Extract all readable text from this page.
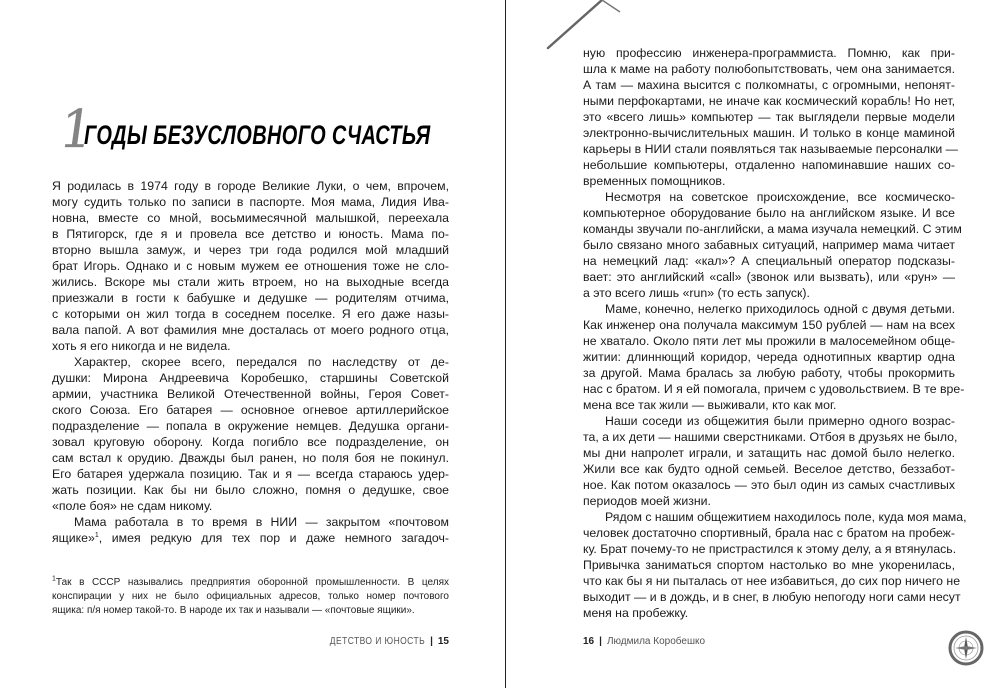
1
ГОДЫ БЕЗУСЛОВНОГО СЧАСТЬЯ
Я родилась в 1974 году в городе Великие Луки, о чем, впрочем,
могу судить только по записи в паспорте. Моя мама, Лидия Ива-
новна, вместе со мной, восьмимесячной малышкой, переехала
в Пятигорск, где я и провела все детство и юность. Мама по-
вторно вышла замуж, и через три года родился мой младший
брат Игорь. Однако и с новым мужем ее отношения тоже не сло-
жились. Вскоре мы стали жить втроем, но на выходные всегда
приезжали в гости к бабушке и дедушке — родителям отчима,
с которыми он жил тогда в соседнем поселке. Я его даже назы-
вала папой. А вот фамилия мне досталась от моего родного отца,
хоть я его никогда и не видела.
Характер, скорее всего, передался по наследству от де-
душки: Мирона Андреевича Коробешко, старшины Советской
армии, участника Великой Отечественной войны, Героя Совет-
ского Союза. Его батарея — основное огневое артиллерийское
подразделение — попала в окружение немцев. Дедушка органи-
зовал круговую оборону. Когда погибло все подразделение, он
сам встал к орудию. Дважды был ранен, но поля боя не покинул.
Его батарея удержала позицию. Так и я — всегда стараюсь удер-
жать позиции. Как бы ни было сложно, помня о дедушке, свое
«поле боя» не сдам никому.
Мама работала в то время в НИИ — закрытом «почтовом
ящике»$^1$, имея редкую для тех пор и даже немного загадоч-
ную профессию инженера-программиста. Помню, как при-
шла к маме на работу полюбопытствовать, чем она занимается.
А там — махина высится с полкомнаты, с огромными, непонят-
ными перфокартами, не иначе как космический корабль! Но нет,
это «всего лишь» компьютер — так выглядели первые модели
электронно-вычислительных машин. И только в конце маминой
карьеры в НИИ стали появляться так называемые персоналки —
небольшие компьютеры, отдаленно напоминавшие наших со-
временных помощников.
Несмотря на советское происхождение, все космическо-
компьютерное оборудование было на английском языке. И все
команды звучали по-английски, а мама изучала немецкий. С этим
было связано много забавных ситуаций, например мама читает
на немецкий лад: «кал»? А специальный оператор подсказы-
вает: это английский «call» (звонок или вызвать), или «рун» —
а это всего лишь «run» (то есть запуск).
Маме, конечно, нелегко приходилось одной с двумя детьми.
Как инженер она получала максимум 150 рублей — нам на всех
не хватало. Около пяти лет мы прожили в малосемейном обще-
житии: длиннющий коридор, череда однотипных квартир одна
за другой. Мама бралась за любую работу, чтобы прокормить
нас с братом. И я ей помогала, причем с удовольствием. В те вре-
мена все так жили — выживали, кто как мог.
Наши соседи из общежития были примерно одного возрас-
та, а их дети — нашими сверстниками. Отбоя в друзьях не было,
мы дни напролет играли, и затащить нас домой было нелегко.
Жили все как будто одной семьей. Веселое детство, беззабот-
ное. Как потом оказалось — это был один из самых счастливых
периодов моей жизни.
Рядом с нашим общежитием находилось поле, куда моя мама,
человек достаточно спортивный, брала нас с братом на пробеж-
ку. Брат почему-то не пристрастился к этому делу, а я втянулась.
Привычка заниматься спортом настолько во мне укоренилась,
что как бы я ни пыталась от нее избавиться, до сих пор ничего не
выходит — и в дождь, и в снег, в любую непогоду ноги сами несут
меня на пробежку.
$^1$Так в СССР назывались предприятия оборонной промышленности. В целях
конспирации у них не было официальных адресов, только номер почтового
ящика: п/я номер такой-то. В народе их так и называли — «почтовые ящики».
ДЕТСТВО И ЮНОСТЬ | 15	16 | Людмила Коробешко
